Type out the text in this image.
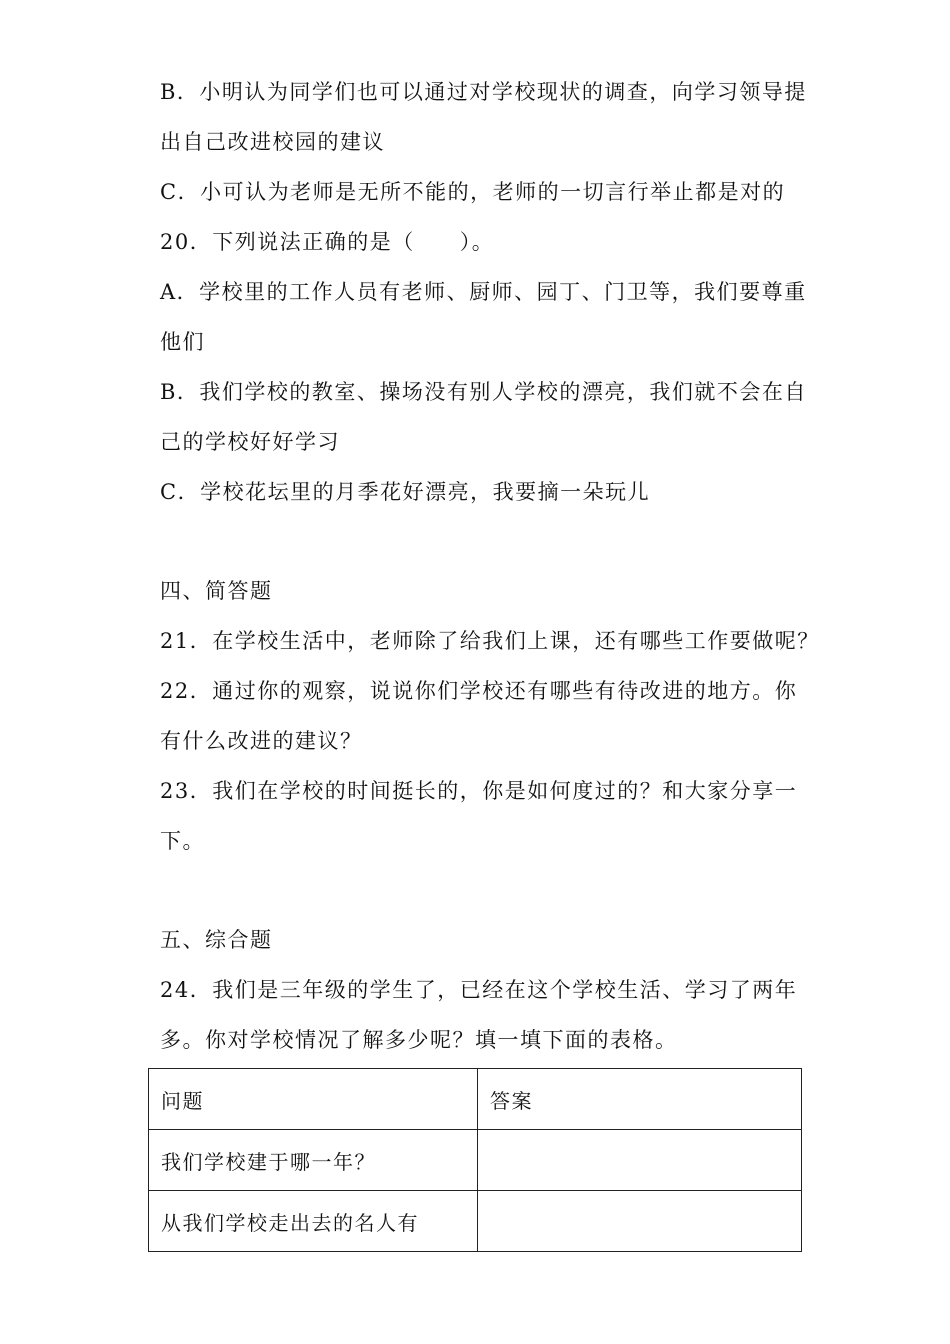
B．小明认为同学们也可以通过对学校现状的调查，向学习领导提
出自己改进校园的建议
C．小可认为老师是无所不能的，老师的一切言行举止都是对的
20．下列说法正确的是（　　）。
A．学校里的工作人员有老师、厨师、园丁、门卫等，我们要尊重
他们
B．我们学校的教室、操场没有别人学校的漂亮，我们就不会在自
己的学校好好学习
C．学校花坛里的月季花好漂亮，我要摘一朵玩儿
四、简答题
21．在学校生活中，老师除了给我们上课，还有哪些工作要做呢？
22．通过你的观察，说说你们学校还有哪些有待改进的地方。你
有什么改进的建议？
23．我们在学校的时间挺长的，你是如何度过的？和大家分享一
下。
五、综合题
24．我们是三年级的学生了，已经在这个学校生活、学习了两年
多。你对学校情况了解多少呢？填一填下面的表格。
问题	答案
我们学校建于哪一年？	
从我们学校走出去的名人有	
